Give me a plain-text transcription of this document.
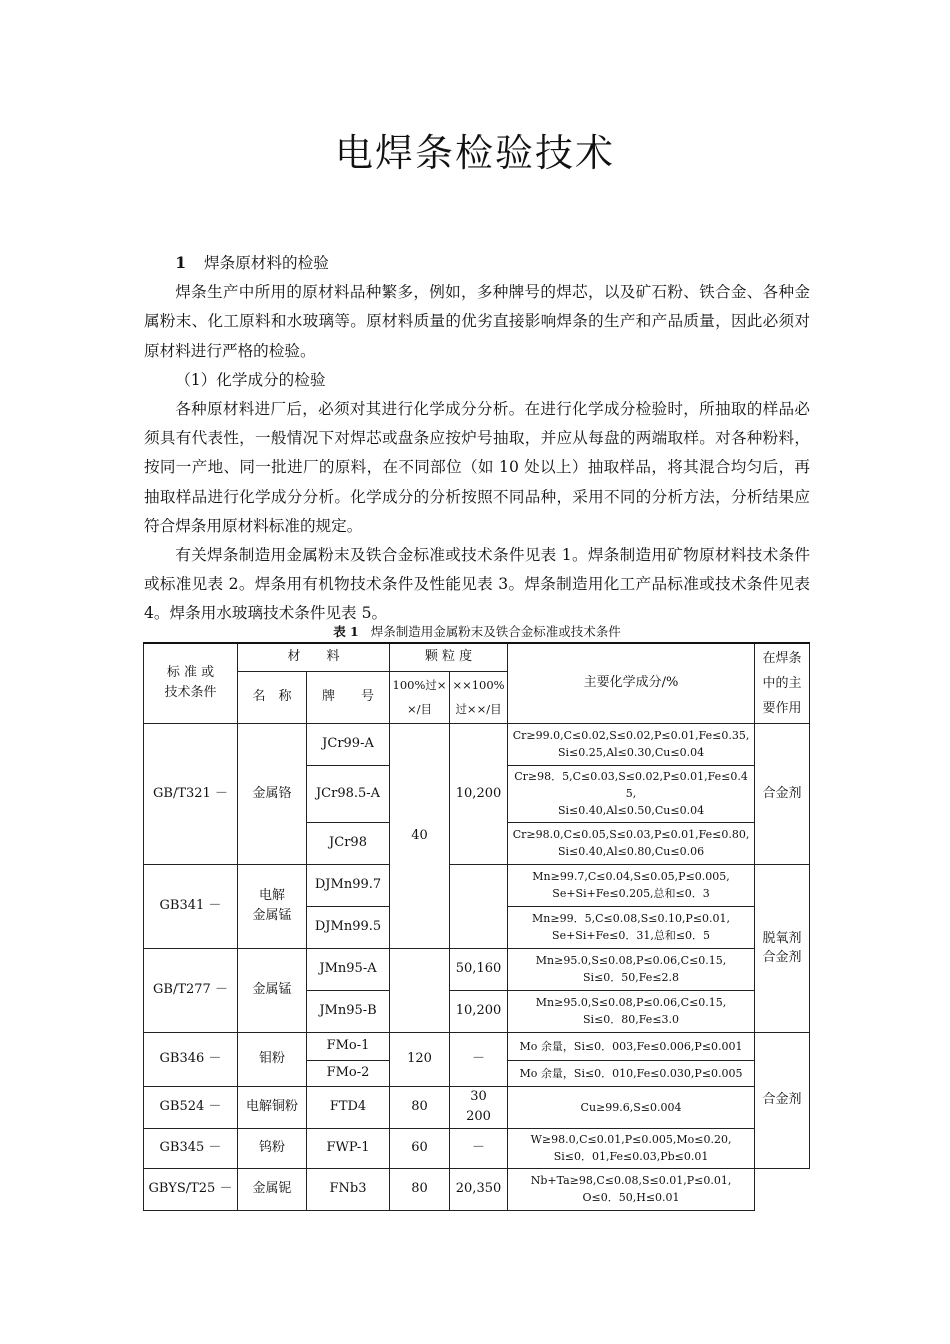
电焊条检验技术

1 焊条原材料的检验

焊条生产中所用的原材料品种繁多，例如，多种牌号的焊芯，以及矿石粉、铁合金、各种金属粉末、化工原料和水玻璃等。原材料质量的优劣直接影响焊条的生产和产品质量，因此必须对原材料进行严格的检验。

（1）化学成分的检验

各种原材料进厂后，必须对其进行化学成分分析。在进行化学成分检验时，所抽取的样品必须具有代表性，一般情况下对焊芯或盘条应按炉号抽取，并应从每盘的两端取样。对各种粉料，按同一产地、同一批进厂的原料，在不同部位（如 10 处以上）抽取样品，将其混合均匀后，再抽取样品进行化学成分分析。化学成分的分析按照不同品种，采用不同的分析方法，分析结果应符合焊条用原材料标准的规定。

有关焊条制造用金属粉末及铁合金标准或技术条件见表 1。焊条制造用矿物原材料技术条件或标准见表 2。焊条用有机物技术条件及性能见表 3。焊条制造用化工产品标准或技术条件见表 4。焊条用水玻璃技术条件见表 5。

表 1 焊条制造用金属粉末及铁合金标准或技术条件
标 准 或
技术条件	材　　料		颗 粒 度		主要化学成分/%	在焊条
中的主
要作用
	名　称	牌　　号	100%过×
×/目	××100%
过××/目		
GB/T321 －	金属铬	JCr99-A	40	10,200	Cr≥99.0,C≤0.02,S≤0.02,P≤0.01,Fe≤0.35,
Si≤0.25,Al≤0.30,Cu≤0.04	合金剂
		JCr98.5-A			Cr≥98．5,C≤0.03,S≤0.02,P≤0.01,Fe≤0.4
5,
Si≤0.40,Al≤0.50,Cu≤0.04	
		JCr98			Cr≥98.0,C≤0.05,S≤0.03,P≤0.01,Fe≤0.80,
Si≤0.40,Al≤0.80,Cu≤0.06	
GB341 －	电解
金属锰	DJMn99.7			Mn≥99.7,C≤0.04,S≤0.05,P≤0.005,
Se+Si+Fe≤0.205,总和≤0．3	脱氧剂
合金剂
		DJMn99.5			Mn≥99．5,C≤0.08,S≤0.10,P≤0.01,
Se+Si+Fe≤0．31,总和≤0．5	
GB/T277 －	金属锰	JMn95-A		50,160	Mn≥95.0,S≤0.08,P≤0.06,C≤0.15,
Si≤0．50,Fe≤2.8	
		JMn95-B		10,200	Mn≥95.0,S≤0.08,P≤0.06,C≤0.15,
Si≤0．80,Fe≤3.0	
GB346 －	钼粉	FMo-1	120	－	Mo 余量，Si≤0．003,Fe≤0.006,P≤0.001	合金剂
		FMo-2			Mo 余量，Si≤0．010,Fe≤0.030,P≤0.005	
GB524 －	电解铜粉	FTD4	80	30
200	Cu≥99.6,S≤0.004	
GB345 －	钨粉	FWP-1	60	－	W≥98.0,C≤0.01,P≤0.005,Mo≤0.20,
Si≤0．01,Fe≤0.03,Pb≤0.01	
GBYS/T25 －	金属铌	FNb3	80	20,350	Nb+Ta≥98,C≤0.08,S≤0.01,P≤0.01,
O≤0．50,H≤0.01	
